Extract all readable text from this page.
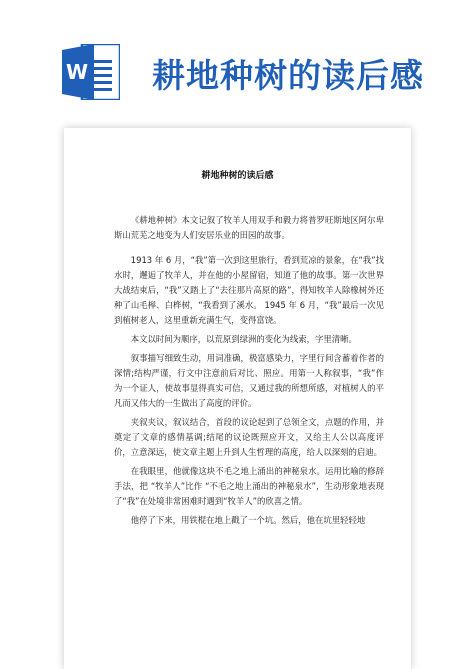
W 耕地种树的读后感
耕地种树的读后感

《耕地种树》本文记叙了牧羊人用双手和毅力将普罗旺斯地区阿尔卑斯山荒芜之地变为人们安居乐业的田园的故事。

1913 年 6 月，“我”第一次到这里旅行，看到荒凉的景象，在“我”找水时，邂逅了牧羊人，并在他的小屋留宿，知道了他的故事。第一次世界大战结束后，“我”又踏上了“去往那片高原的路”，得知牧羊人除橡树外还种了山毛榉、白桦树，“我看到了溪水。 1945 年 6 月，“我”最后一次见到植树老人，这里重新充满生气，变得富饶。

本文以时间为顺序，以荒原到绿洲的变化为线索，字里清晰。

叙事描写细致生动，用词准确，极富感染力，字里行间含蓄着作者的深情;结构严谨，行文中注意前后对比、照应。用第一人称叙事，“我”作为一个证人，使故事显得真实可信，又通过我的所想所感，对植树人的平凡而又伟大的一生做出了高度的评价。

夹叙夹议，叙议结合，首段的议论起到了总领全文，点题的作用，并奠定了文章的感情基调;结尾的议论既照应开文，又给主人公以高度评价，立意深远，使文章主题上升到人生哲理的高度，给人以深刻的启迪。

在我眼里，他就像这块不毛之地上涌出的神秘泉水。运用比喻的修辞手法，把 “牧羊人”比作 “不毛之地上涌出的神秘泉水”，生动形象地表现了“我”在处境非常困难时遇到“牧羊人”的欣喜之情。

他停了下来，用铁棍在地上戳了一个坑。然后，他在坑里轻轻地
